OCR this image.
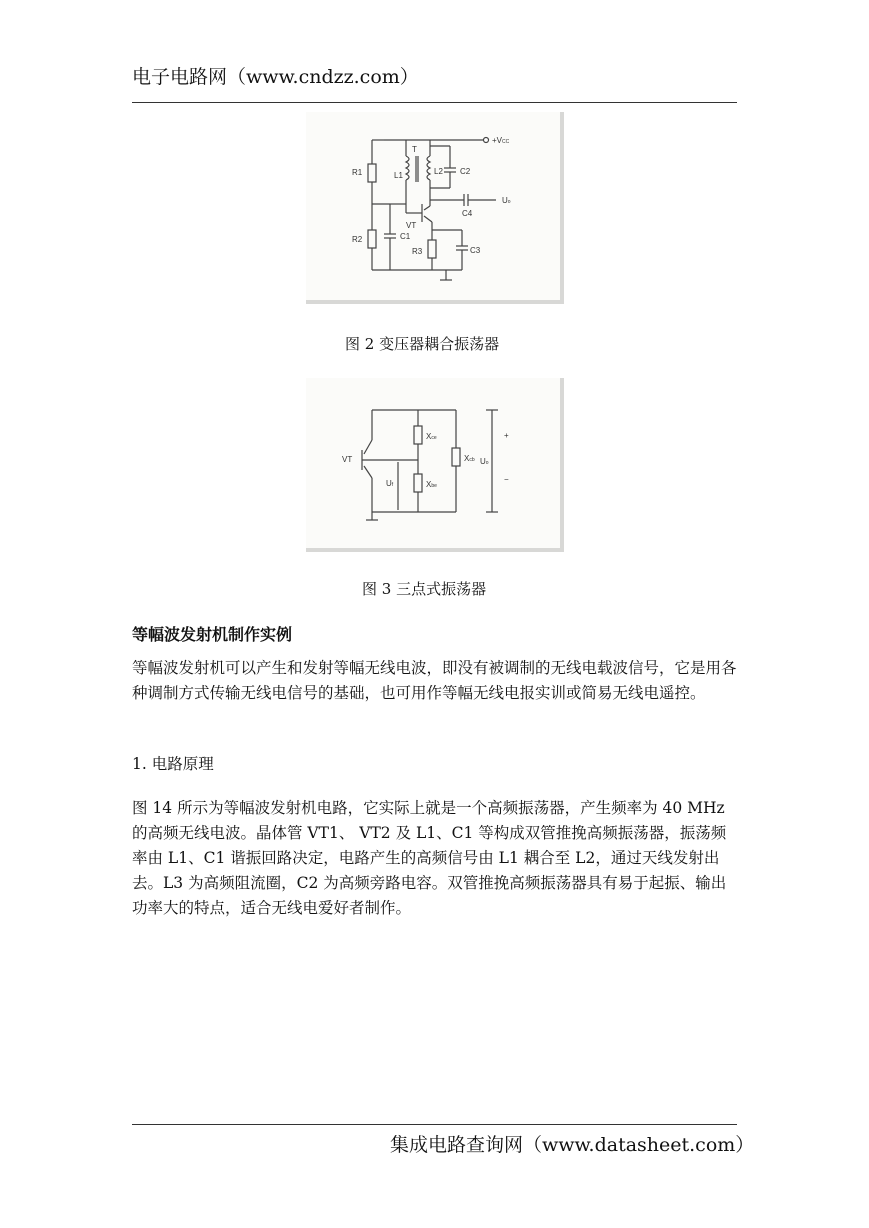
电子电路网（www.cndzz.com）
+VCC
T
R1	L1	L2 C2
C4
Uo
VT
R2	C1
R3	C3
图 2 变压器耦合振荡器
Xce
Xbe
Xcb
VT
Uf
Uo
+
−
图 3 三点式振荡器
等幅波发射机制作实例
等幅波发射机可以产生和发射等幅无线电波，即没有被调制的无线电载波信号，它是用各种调制方式传输无线电信号的基础，也可用作等幅无线电报实训或简易无线电遥控。
1. 电路原理
图 14 所示为等幅波发射机电路，它实际上就是一个高频振荡器，产生频率为 40 MHz 的高频无线电波。晶体管 VT1、 VT2 及 L1、C1 等构成双管推挽高频振荡器，振荡频率由 L1、C1 谐振回路决定，电路产生的高频信号由 L1 耦合至 L2，通过天线发射出去。L3 为高频阻流圈，C2 为高频旁路电容。双管推挽高频振荡器具有易于起振、输出功率大的特点，适合无线电爱好者制作。
集成电路查询网（www.datasheet.com）
